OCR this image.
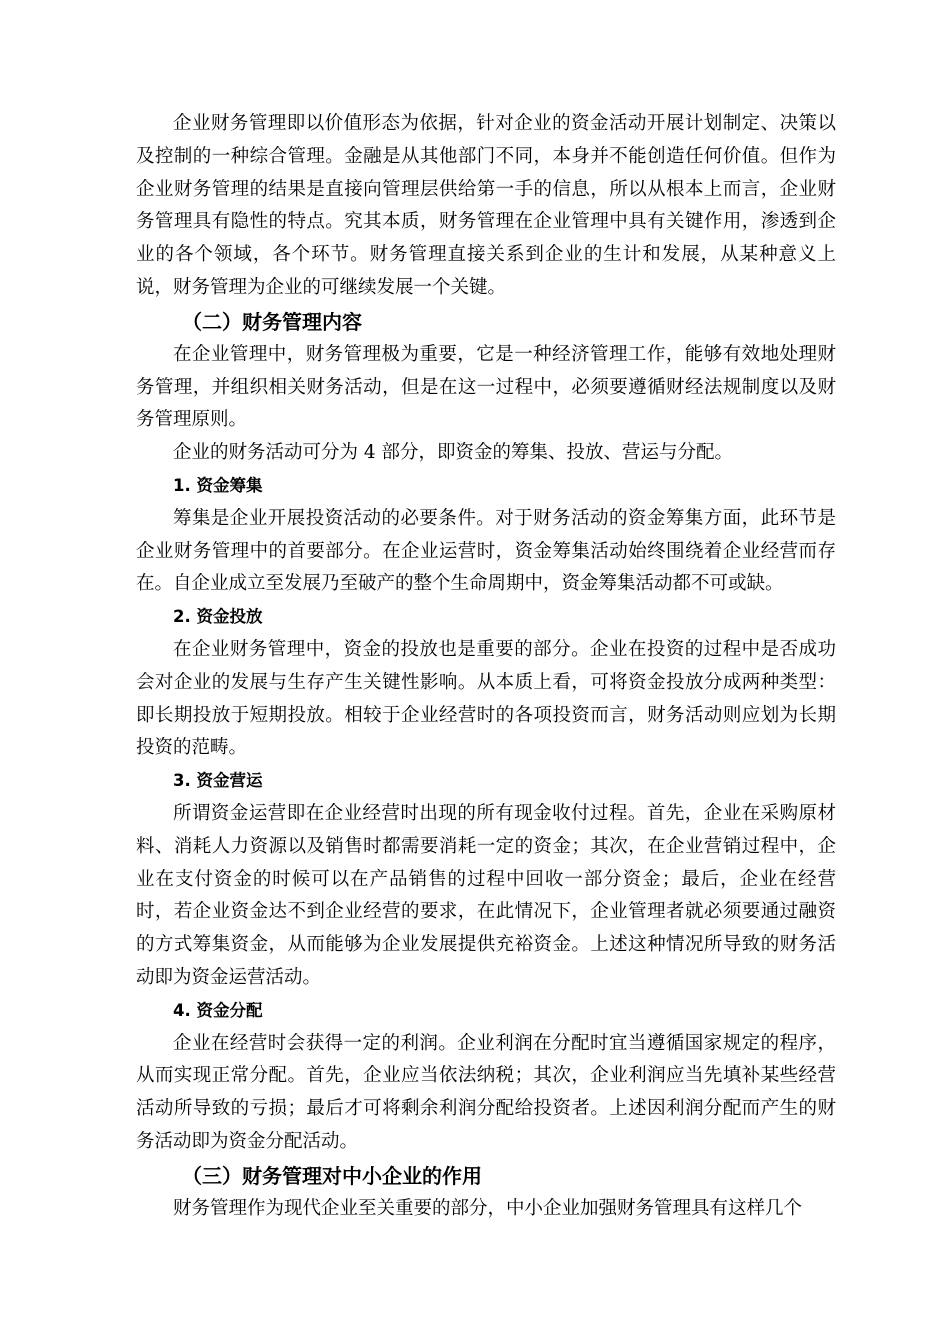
企业财务管理即以价值形态为依据，针对企业的资金活动开展计划制定、决策以及控制的一种综合管理。金融是从其他部门不同，本身并不能创造任何价值。但作为企业财务管理的结果是直接向管理层供给第一手的信息，所以从根本上而言，企业财务管理具有隐性的特点。究其本质，财务管理在企业管理中具有关键作用，渗透到企业的各个领域，各个环节。财务管理直接关系到企业的生计和发展，从某种意义上说，财务管理为企业的可继续发展一个关键。

（二）财务管理内容

在企业管理中，财务管理极为重要，它是一种经济管理工作，能够有效地处理财务管理，并组织相关财务活动，但是在这一过程中，必须要遵循财经法规制度以及财务管理原则。

企业的财务活动可分为 4 部分，即资金的筹集、投放、营运与分配。

1. 资金筹集

筹集是企业开展投资活动的必要条件。对于财务活动的资金筹集方面，此环节是企业财务管理中的首要部分。在企业运营时，资金筹集活动始终围绕着企业经营而存在。自企业成立至发展乃至破产的整个生命周期中，资金筹集活动都不可或缺。

2. 资金投放

在企业财务管理中，资金的投放也是重要的部分。企业在投资的过程中是否成功会对企业的发展与生存产生关键性影响。从本质上看，可将资金投放分成两种类型：即长期投放于短期投放。相较于企业经营时的各项投资而言，财务活动则应划为长期投资的范畴。

3. 资金营运

所谓资金运营即在企业经营时出现的所有现金收付过程。首先，企业在采购原材料、消耗人力资源以及销售时都需要消耗一定的资金；其次，在企业营销过程中，企业在支付资金的时候可以在产品销售的过程中回收一部分资金；最后，企业在经营时，若企业资金达不到企业经营的要求，在此情况下，企业管理者就必须要通过融资的方式筹集资金，从而能够为企业发展提供充裕资金。上述这种情况所导致的财务活动即为资金运营活动。

4. 资金分配

企业在经营时会获得一定的利润。企业利润在分配时宜当遵循国家规定的程序，从而实现正常分配。首先，企业应当依法纳税；其次，企业利润应当先填补某些经营活动所导致的亏损；最后才可将剩余利润分配给投资者。上述因利润分配而产生的财务活动即为资金分配活动。

（三）财务管理对中小企业的作用

财务管理作为现代企业至关重要的部分，中小企业加强财务管理具有这样几个
